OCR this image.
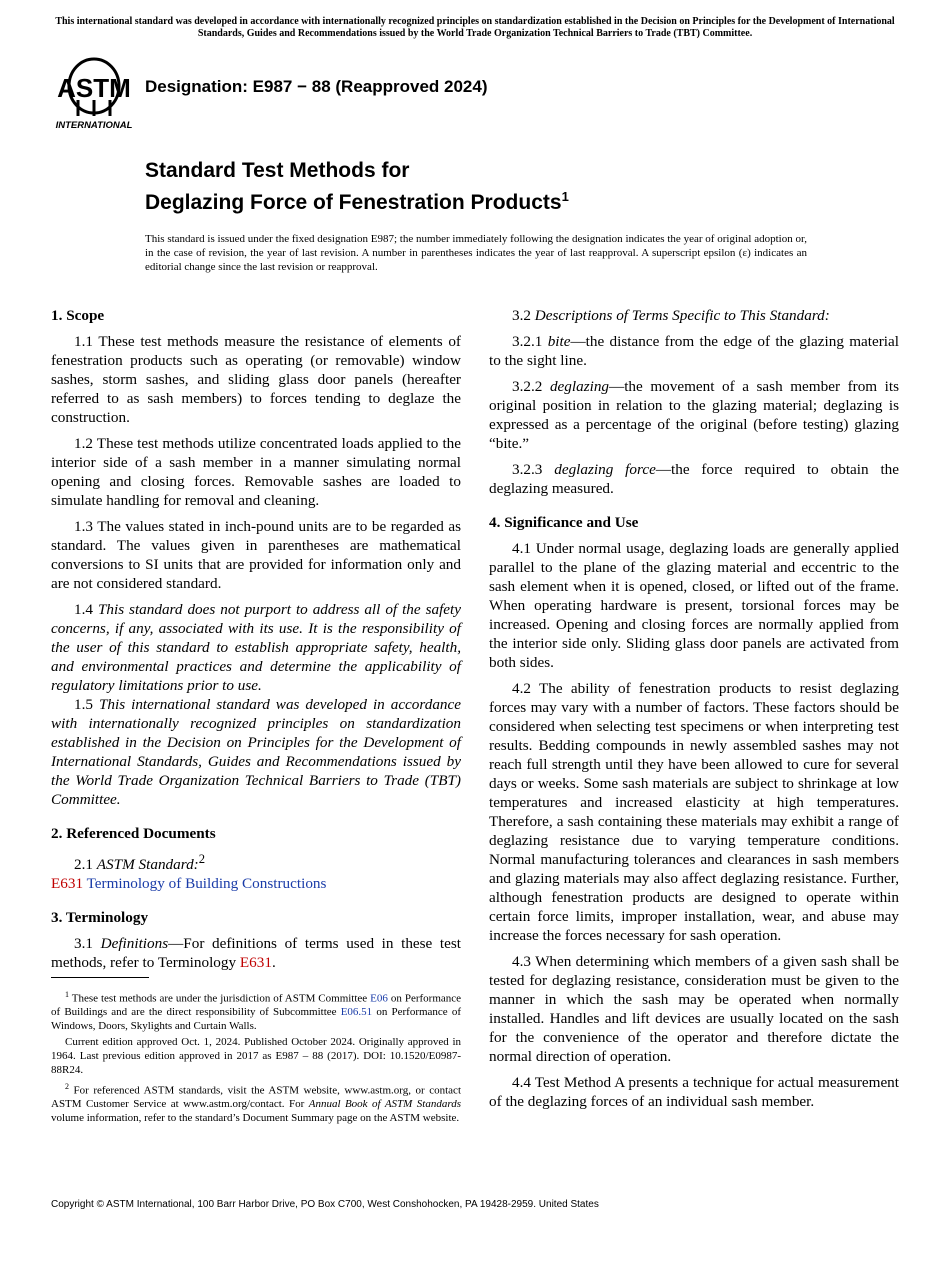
This international standard was developed in accordance with internationally recognized principles on standardization established in the Decision on Principles for the Development of International Standards, Guides and Recommendations issued by the World Trade Organization Technical Barriers to Trade (TBT) Committee.
ASTM
INTERNATIONAL
Designation: E987 − 88 (Reapproved 2024)
Standard Test Methods for
Deglazing Force of Fenestration Products$^1$
This standard is issued under the fixed designation E987; the number immediately following the designation indicates the year of original adoption or, in the case of revision, the year of last revision. A number in parentheses indicates the year of last reapproval. A superscript epsilon (ε) indicates an editorial change since the last revision or reapproval.
1. Scope

1.1 These test methods measure the resistance of elements of fenestration products such as operating (or removable) window sashes, storm sashes, and sliding glass door panels (hereafter referred to as sash members) to forces tending to deglaze the construction.

1.2 These test methods utilize concentrated loads applied to the interior side of a sash member in a manner simulating normal opening and closing forces. Removable sashes are loaded to simulate handling for removal and cleaning.

1.3 The values stated in inch-pound units are to be regarded as standard. The values given in parentheses are mathematical conversions to SI units that are provided for information only and are not considered standard.

1.4 This standard does not purport to address all of the safety concerns, if any, associated with its use. It is the responsibility of the user of this standard to establish appropriate safety, health, and environmental practices and determine the applicability of regulatory limitations prior to use.

1.5 This international standard was developed in accordance with internationally recognized principles on standardization established in the Decision on Principles for the Development of International Standards, Guides and Recommendations issued by the World Trade Organization Technical Barriers to Trade (TBT) Committee.

2. Referenced Documents

2.1 ASTM Standard:$^2$

E631 Terminology of Building Constructions

3. Terminology

3.1 Definitions—For definitions of terms used in these test methods, refer to Terminology E631.

3.2 Descriptions of Terms Specific to This Standard:

3.2.1 bite—the distance from the edge of the glazing material to the sight line.

3.2.2 deglazing—the movement of a sash member from its original position in relation to the glazing material; deglazing is expressed as a percentage of the original (before testing) glazing “bite.”

3.2.3 deglazing force—the force required to obtain the deglazing measured.

4. Significance and Use

4.1 Under normal usage, deglazing loads are generally applied parallel to the plane of the glazing material and eccentric to the sash element when it is opened, closed, or lifted out of the frame. When operating hardware is present, torsional forces may be increased. Opening and closing forces are normally applied from the interior side only. Sliding glass door panels are activated from both sides.

4.2 The ability of fenestration products to resist deglazing forces may vary with a number of factors. These factors should be considered when selecting test specimens or when interpreting test results. Bedding compounds in newly assembled sashes may not reach full strength until they have been allowed to cure for several days or weeks. Some sash materials are subject to shrinkage at low temperatures and increased elasticity at high temperatures. Therefore, a sash containing these materials may exhibit a range of deglazing resistance due to varying temperature conditions. Normal manufacturing tolerances and clearances in sash members and glazing materials may also affect deglazing resistance. Further, although fenestration products are designed to operate within certain force limits, improper installation, wear, and abuse may increase the forces necessary for sash operation.

4.3 When determining which members of a given sash shall be tested for deglazing resistance, consideration must be given to the manner in which the sash may be operated when normally installed. Handles and lift devices are usually located on the sash for the convenience of the operator and therefore dictate the normal direction of operation.

4.4 Test Method A presents a technique for actual measurement of the deglazing forces of an individual sash member.

$^1$ These test methods are under the jurisdiction of ASTM Committee E06 on Performance of Buildings and are the direct responsibility of Subcommittee E06.51 on Performance of Windows, Doors, Skylights and Curtain Walls.

Current edition approved Oct. 1, 2024. Published October 2024. Originally approved in 1964. Last previous edition approved in 2017 as E987 – 88 (2017). DOI: 10.1520/E0987-88R24.

$^2$ For referenced ASTM standards, visit the ASTM website, www.astm.org, or contact ASTM Customer Service at www.astm.org/contact. For Annual Book of ASTM Standards volume information, refer to the standard’s Document Summary page on the ASTM website.

Copyright © ASTM International, 100 Barr Harbor Drive, PO Box C700, West Conshohocken, PA 19428-2959. United States
